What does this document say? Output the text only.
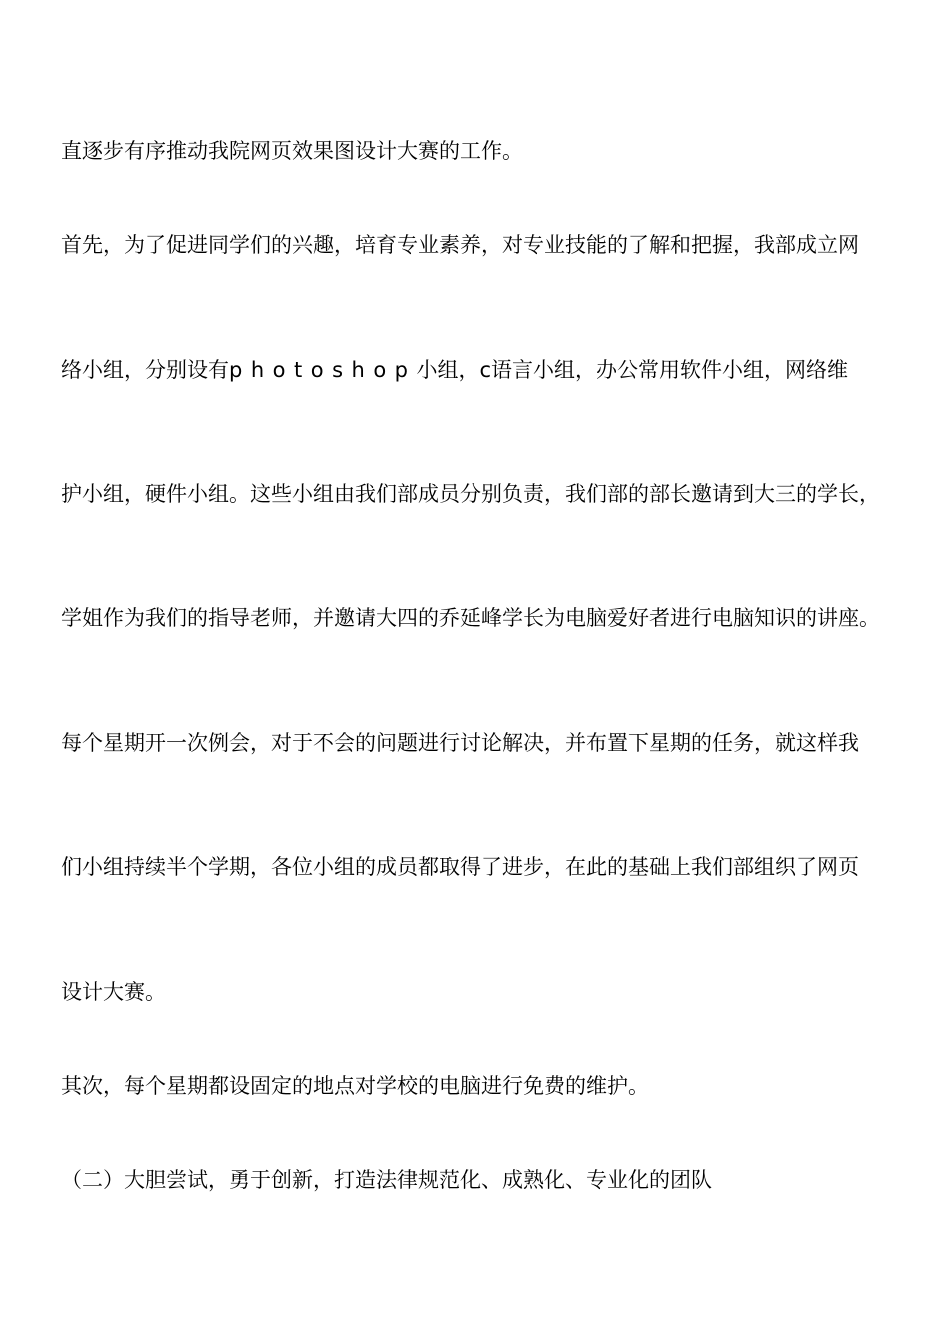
直逐步有序推动我院网页效果图设计大赛的工作。
首先，为了促进同学们的兴趣，培育专业素养，对专业技能的了解和把握，我部成立网
络小组，分别设有photoshop小组，c语言小组，办公常用软件小组，网络维
护小组，硬件小组。这些小组由我们部成员分别负责，我们部的部长邀请到大三的学长，
学姐作为我们的指导老师，并邀请大四的乔延峰学长为电脑爱好者进行电脑知识的讲座。
每个星期开一次例会，对于不会的问题进行讨论解决，并布置下星期的任务，就这样我
们小组持续半个学期，各位小组的成员都取得了进步，在此的基础上我们部组织了网页
设计大赛。
其次，每个星期都设固定的地点对学校的电脑进行免费的维护。
（二）大胆尝试，勇于创新，打造法律规范化、成熟化、专业化的团队
